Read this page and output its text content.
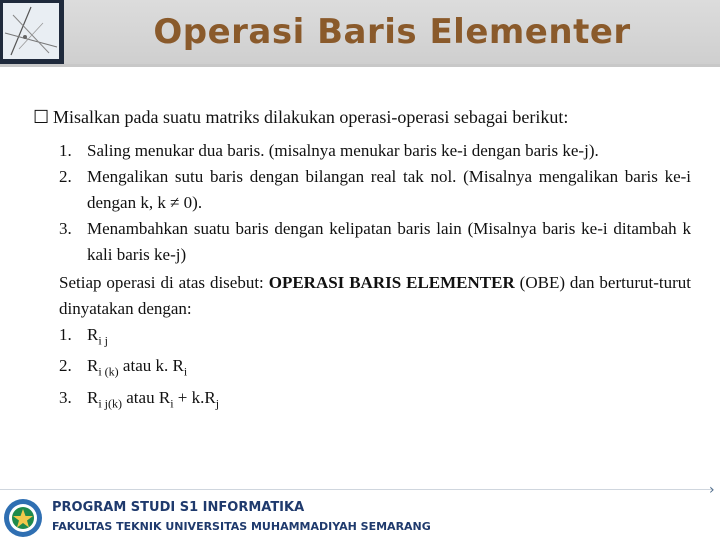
Operasi Baris Elementer

☐ Misalkan pada suatu matriks dilakukan operasi-operasi sebagai berikut:

1. Saling menukar dua baris. (misalnya menukar baris ke-i dengan baris ke-j).
2. Mengalikan sutu baris dengan bilangan real tak nol. (Misalnya mengalikan baris ke-i dengan k, k ≠ 0).
3. Menambahkan suatu baris dengan kelipatan baris lain (Misalnya baris ke-i ditambah k kali baris ke-j)

Setiap operasi di atas disebut: OPERASI BARIS ELEMENTER (OBE) dan berturut-turut dinyatakan dengan:

1. $R_{i j}$
2. $R_{i (k)}$ atau k. $R_i$
3. $R_{i j(k)}$ atau $R_i + k.R_j$
›
PROGRAM STUDI S1 INFORMATIKA
FAKULTAS TEKNIK UNIVERSITAS MUHAMMADIYAH SEMARANG
